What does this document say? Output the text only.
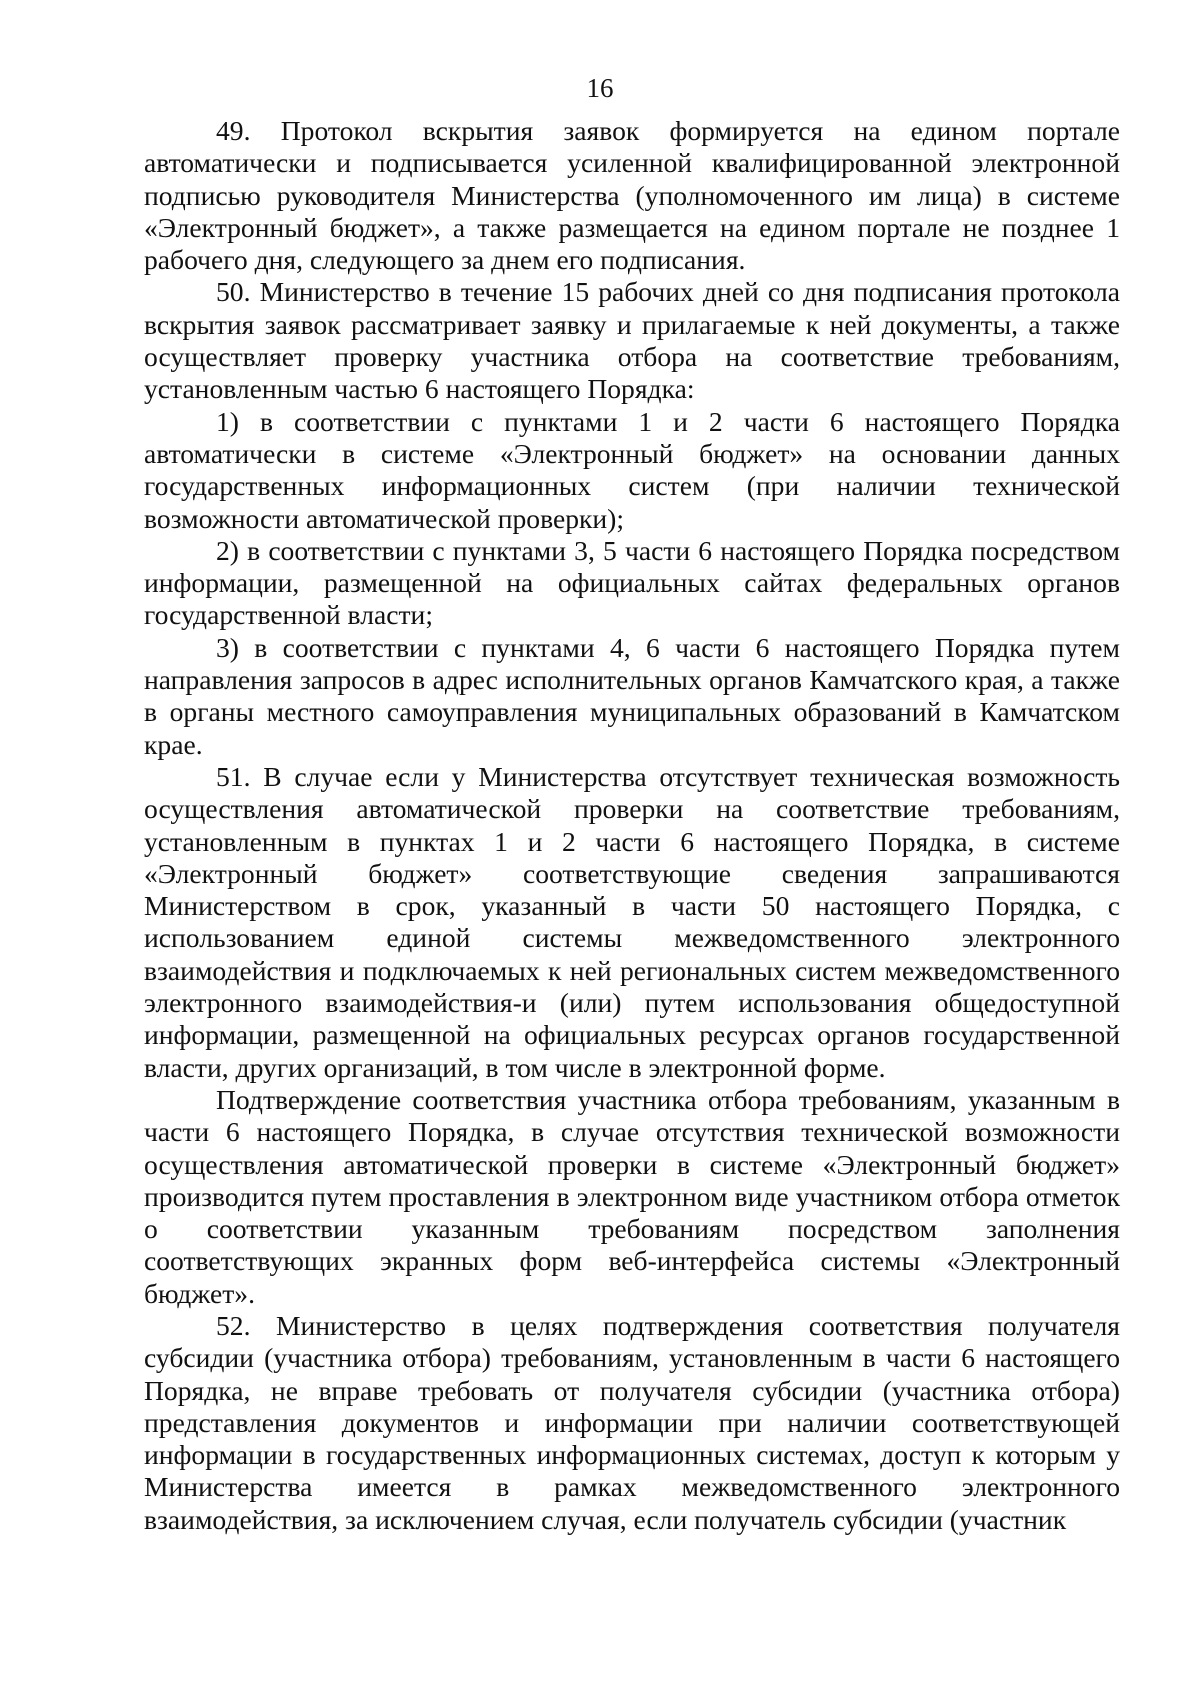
16

49. Протокол вскрытия заявок формируется на едином портале автоматически и подписывается усиленной квалифицированной электронной подписью руководителя Министерства (уполномоченного им лица) в системе «Электронный бюджет», а также размещается на едином портале не позднее 1 рабочего дня, следующего за днем его подписания.

50. Министерство в течение 15 рабочих дней со дня подписания протокола вскрытия заявок рассматривает заявку и прилагаемые к ней документы, а также осуществляет проверку участника отбора на соответствие требованиям, установленным частью 6 настоящего Порядка:

1) в соответствии с пунктами 1 и 2 части 6 настоящего Порядка автоматически в системе «Электронный бюджет» на основании данных государственных информационных систем (при наличии технической возможности автоматической проверки);

2) в соответствии с пунктами 3, 5 части 6 настоящего Порядка посредством информации, размещенной на официальных сайтах федеральных органов государственной власти;

3) в соответствии с пунктами 4, 6 части 6 настоящего Порядка путем направления запросов в адрес исполнительных органов Камчатского края, а также в органы местного самоуправления муниципальных образований в Камчатском крае.

51. В случае если у Министерства отсутствует техническая возможность осуществления автоматической проверки на соответствие требованиям, установленным в пунктах 1 и 2 части 6 настоящего Порядка, в системе «Электронный бюджет» соответствующие сведения запрашиваются Министерством в срок, указанный в части 50 настоящего Порядка, с использованием единой системы межведомственного электронного взаимодействия и подключаемых к ней региональных систем межведомственного электронного взаимодействия-и (или) путем использования общедоступной информации, размещенной на официальных ресурсах органов государственной власти, других организаций, в том числе в электронной форме.

Подтверждение соответствия участника отбора требованиям, указанным в части 6 настоящего Порядка, в случае отсутствия технической возможности осуществления автоматической проверки в системе «Электронный бюджет» производится путем проставления в электронном виде участником отбора отметок о соответствии указанным требованиям посредством заполнения соответствующих экранных форм веб-интерфейса системы «Электронный бюджет».

52. Министерство в целях подтверждения соответствия получателя субсидии (участника отбора) требованиям, установленным в части 6 настоящего Порядка, не вправе требовать от получателя субсидии (участника отбора) представления документов и информации при наличии соответствующей информации в государственных информационных системах, доступ к которым у Министерства имеется в рамках межведомственного электронного взаимодействия, за исключением случая, если получатель субсидии (участник
